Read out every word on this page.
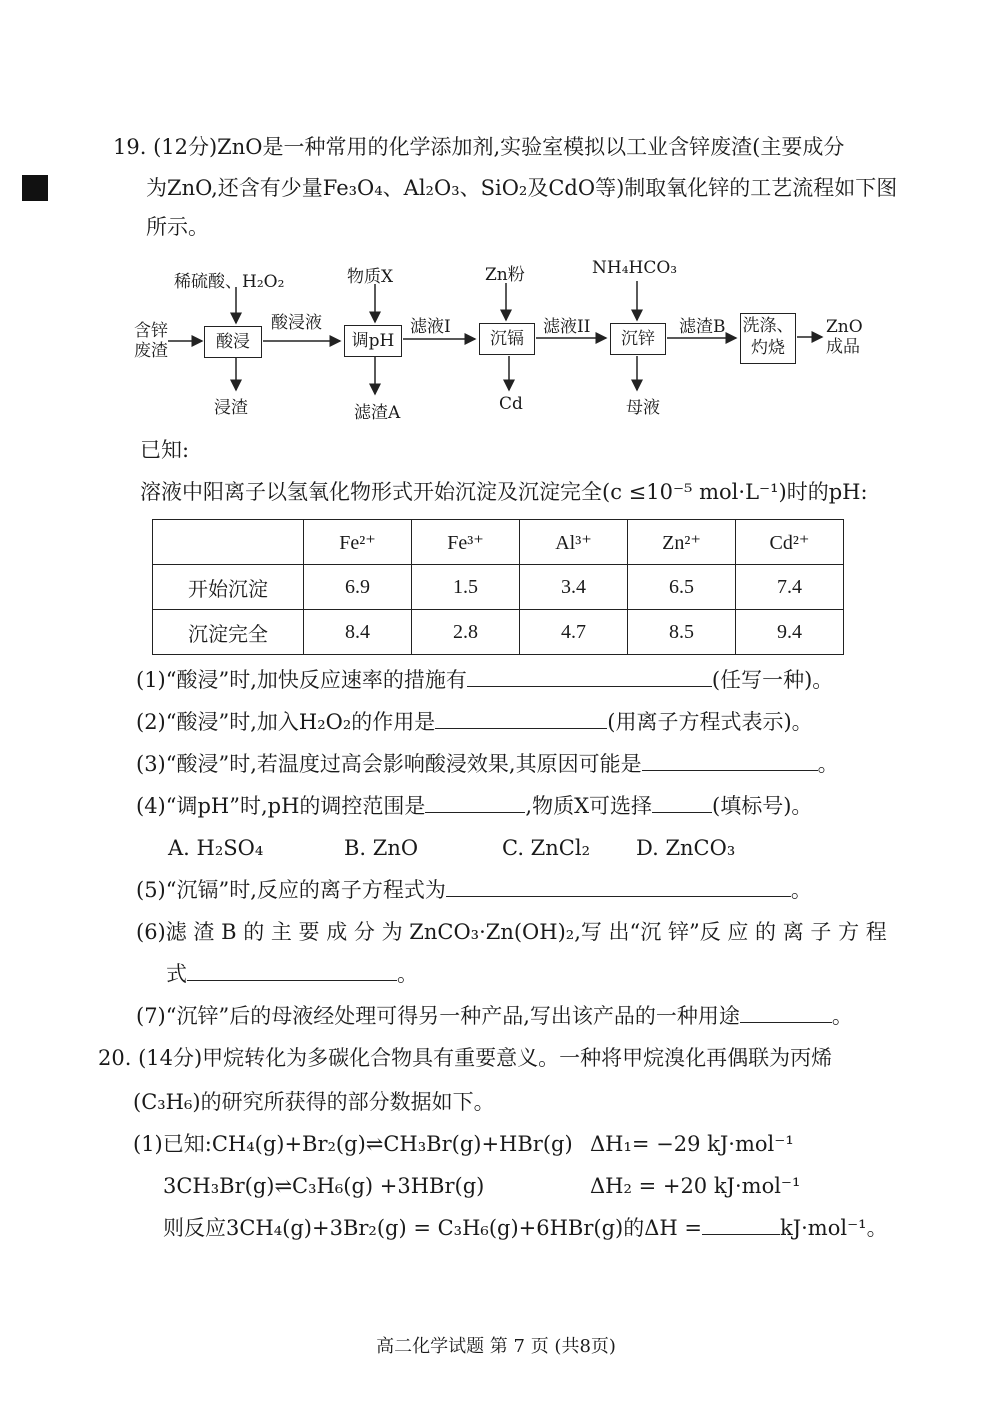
19. (12分)ZnO是一种常用的化学添加剂,实验室模拟以工业含锌废渣(主要成分
为ZnO,还含有少量Fe₃O₄、Al₂O₃、SiO₂及CdO等)制取氧化锌的工艺流程如下图
所示。
含锌
废渣
稀硫酸、H₂O₂	物质X	Zn粉	NH₄HCO₃
酸浸	调pH	沉镉	沉锌
洗涤、
灼烧
酸浸液	滤液I	滤液II	滤渣B
浸渣	滤渣A	Cd	母液
ZnO
成品
已知:
溶液中阳离子以氢氧化物形式开始沉淀及沉淀完全(c ≤10⁻⁵ mol·L⁻¹)时的pH:
	Fe²⁺	Fe³⁺	Al³⁺	Zn²⁺	Cd²⁺
开始沉淀	6.9	1.5	3.4	6.5	7.4
沉淀完全	8.4	2.8	4.7	8.5	9.4
(1)“酸浸”时,加快反应速率的措施有	(任写一种)。
(2)“酸浸”时,加入H₂O₂的作用是	(用离子方程式表示)。
(3)“酸浸”时,若温度过高会影响酸浸效果,其原因可能是	。
(4)“调pH”时,pH的调控范围是	,物质X可选择	(填标号)。
A. H₂SO₄	B. ZnO	C. ZnCl₂ D. ZnCO₃
(5)“沉镉”时,反应的离子方程式为	。
(6)滤 渣 B 的 主 要 成 分 为 ZnCO₃·Zn(OH)₂,写 出“沉 锌”反 应 的 离 子 方 程
式	。
(7)“沉锌”后的母液经处理可得另一种产品,写出该产品的一种用途	。
20. (14分)甲烷转化为多碳化合物具有重要意义。一种将甲烷溴化再偶联为丙烯
(C₃H₆)的研究所获得的部分数据如下。
(1)已知:CH₄(g)+Br₂(g)⇌CH₃Br(g)+HBr(g) ΔH₁= −29 kJ·mol⁻¹
3CH₃Br(g)⇌C₃H₆(g) +3HBr(g)	ΔH₂ = +20 kJ·mol⁻¹
则反应3CH₄(g)+3Br₂(g) = C₃H₆(g)+6HBr(g)的ΔH =	kJ·mol⁻¹。
高二化学试题 第 7 页 (共8页)
